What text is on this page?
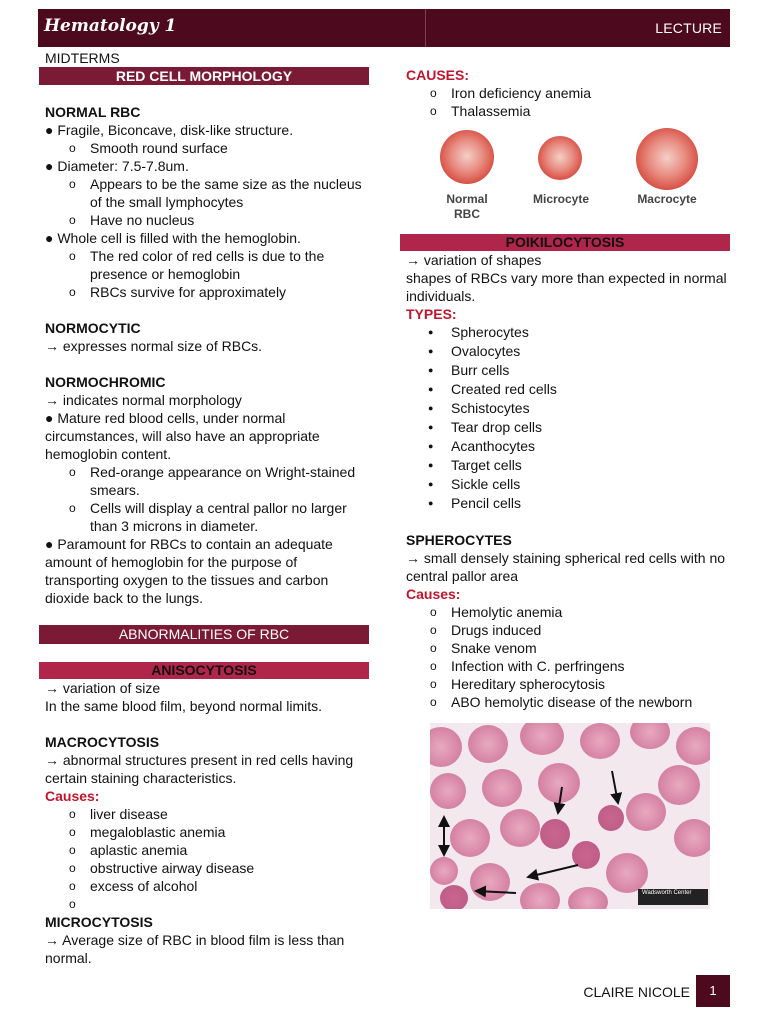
Hematology 1	LECTURE
MIDTERMS
RED CELL MORPHOLOGY
NORMAL RBC
● Fragile, Biconcave, disk-like structure.
o Smooth round surface
● Diameter: 7.5-7.8um.
o Appears to be the same size as the nucleus of the small lymphocytes
o Have no nucleus
● Whole cell is filled with the hemoglobin.
o The red color of red cells is due to the presence or hemoglobin
o RBCs survive for approximately
NORMOCYTIC
→ expresses normal size of RBCs.
NORMOCHROMIC
→ indicates normal morphology
● Mature red blood cells, under normal circumstances, will also have an appropriate hemoglobin content.
o Red-orange appearance on Wright-stained smears.
o Cells will display a central pallor no larger than 3 microns in diameter.
● Paramount for RBCs to contain an adequate amount of hemoglobin for the purpose of transporting oxygen to the tissues and carbon dioxide back to the lungs.
ABNORMALITIES OF RBC
ANISOCYTOSIS
→ variation of size
In the same blood film, beyond normal limits.
MACROCYTOSIS
→ abnormal structures present in red cells having certain staining characteristics.
Causes:
o liver disease
o megaloblastic anemia
o aplastic anemia
o obstructive airway disease
o excess of alcohol
o
MICROCYTOSIS
→ Average size of RBC in blood film is less than normal.
CAUSES:
o Iron deficiency anemia
o Thalassemia
Normal RBC
Microcyte	Macrocyte
POIKILOCYTOSIS
→ variation of shapes
shapes of RBCs vary more than expected in normal individuals.
TYPES:
● Spherocytes
● Ovalocytes
● Burr cells
● Created red cells
● Schistocytes
● Tear drop cells
● Acanthocytes
● Target cells
● Sickle cells
● Pencil cells
SPHEROCYTES
→ small densely staining spherical red cells with no central pallor area
Causes:
o Hemolytic anemia
o Drugs induced
o Snake venom
o Infection with C. perfringens
o Hereditary spherocytosis
o ABO hemolytic disease of the newborn
Wadsworth Center
CLAIRE NICOLE	1
